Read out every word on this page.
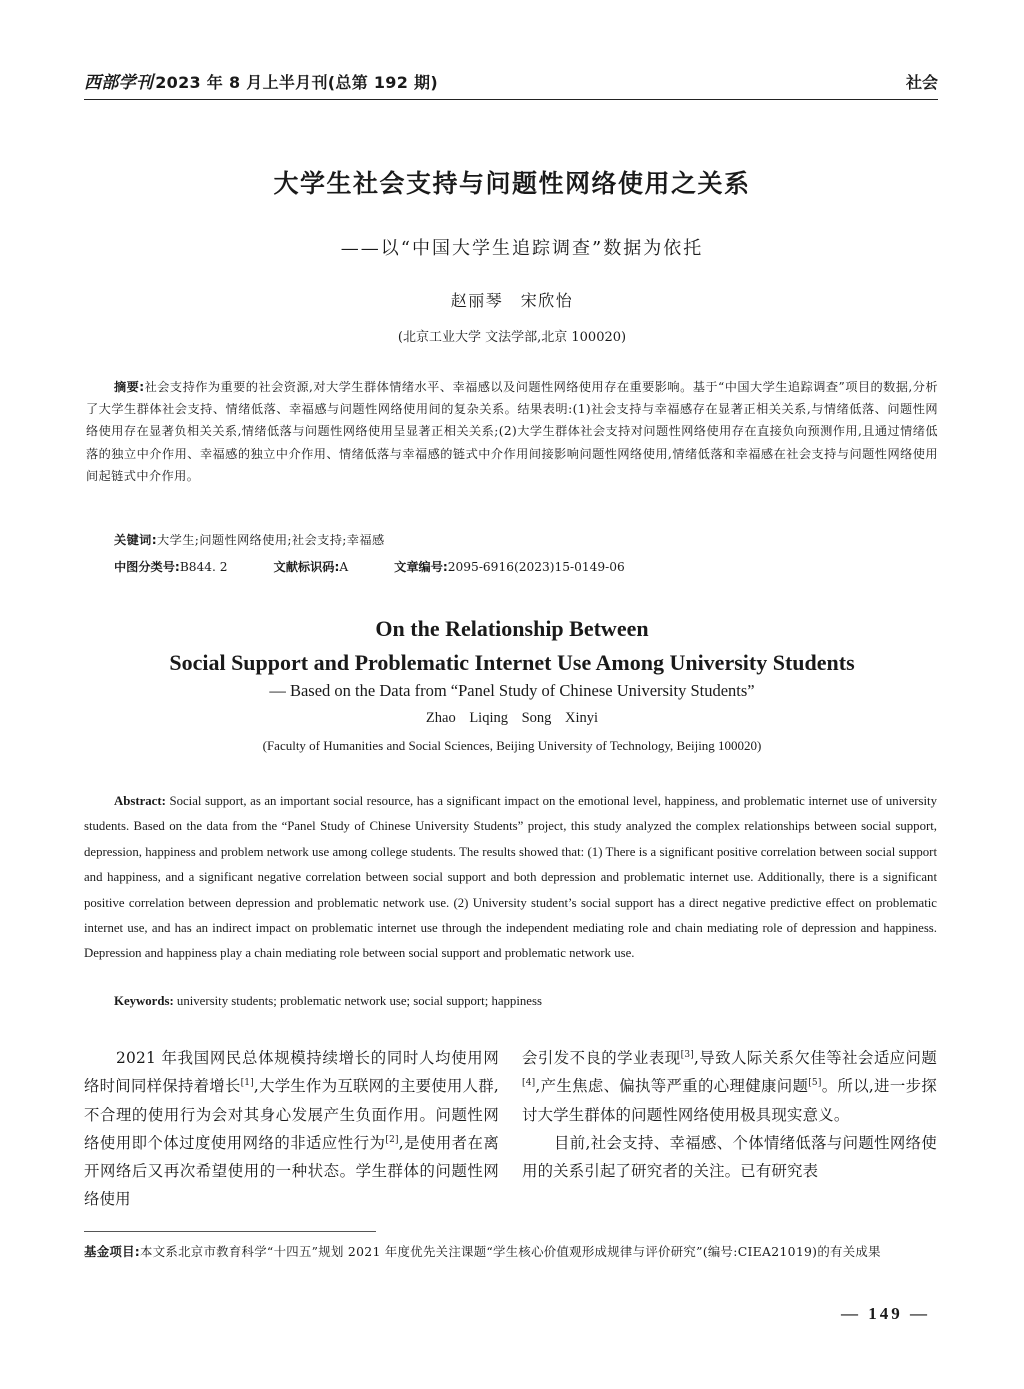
西部学刊 2023 年 8 月上半月刊(总第 192 期)	社会
大学生社会支持与问题性网络使用之关系
——以“中国大学生追踪调查”数据为依托
赵丽琴　宋欣怡
(北京工业大学 文法学部,北京 100020)
摘要:社会支持作为重要的社会资源,对大学生群体情绪水平、幸福感以及问题性网络使用存在重要影响。基于“中国大学生追踪调查”项目的数据,分析了大学生群体社会支持、情绪低落、幸福感与问题性网络使用间的复杂关系。结果表明:(1)社会支持与幸福感存在显著正相关关系,与情绪低落、问题性网络使用存在显著负相关关系,情绪低落与问题性网络使用呈显著正相关关系;(2)大学生群体社会支持对问题性网络使用存在直接负向预测作用,且通过情绪低落的独立中介作用、幸福感的独立中介作用、情绪低落与幸福感的链式中介作用间接影响问题性网络使用,情绪低落和幸福感在社会支持与问题性网络使用间起链式中介作用。
关键词:大学生;问题性网络使用;社会支持;幸福感
中图分类号:B844. 2	文献标识码:A	文章编号:2095-6916(2023)15-0149-06
On the Relationship Between
Social Support and Problematic Internet Use Among University Students
— Based on the Data from “Panel Study of Chinese University Students”
Zhao Liqing Song Xinyi
(Faculty of Humanities and Social Sciences, Beijing University of Technology, Beijing 100020)
Abstract: Social support, as an important social resource, has a significant impact on the emotional level, happiness, and problematic internet use of university students. Based on the data from the “Panel Study of Chinese University Students” project, this study analyzed the complex relationships between social support, depression, happiness and problem network use among college students. The results showed that: (1) There is a significant positive correlation between social support and happiness, and a significant negative correlation between social support and both depression and problematic internet use. Additionally, there is a significant positive correlation between depression and problematic network use. (2) University student’s social support has a direct negative predictive effect on problematic internet use, and has an indirect impact on problematic internet use through the independent mediating role and chain mediating role of depression and happiness. Depression and happiness play a chain mediating role between social support and problematic network use.
Keywords: university students; problematic network use; social support; happiness

2021 年我国网民总体规模持续增长的同时人均使用网络时间同样保持着增长[1],大学生作为互联网的主要使用人群,不合理的使用行为会对其身心发展产生负面作用。问题性网络使用即个体过度使用网络的非适应性行为[2],是使用者在离开网络后又再次希望使用的一种状态。学生群体的问题性网络使用

会引发不良的学业表现[3],导致人际关系欠佳等社会适应问题[4],产生焦虑、偏执等严重的心理健康问题[5]。所以,进一步探讨大学生群体的问题性网络使用极具现实意义。

目前,社会支持、幸福感、个体情绪低落与问题性网络使用的关系引起了研究者的关注。已有研究表

基金项目:本文系北京市教育科学“十四五”规划 2021 年度优先关注课题“学生核心价值观形成规律与评价研究”(编号:CIEA21019)的有关成果
— 149 —
